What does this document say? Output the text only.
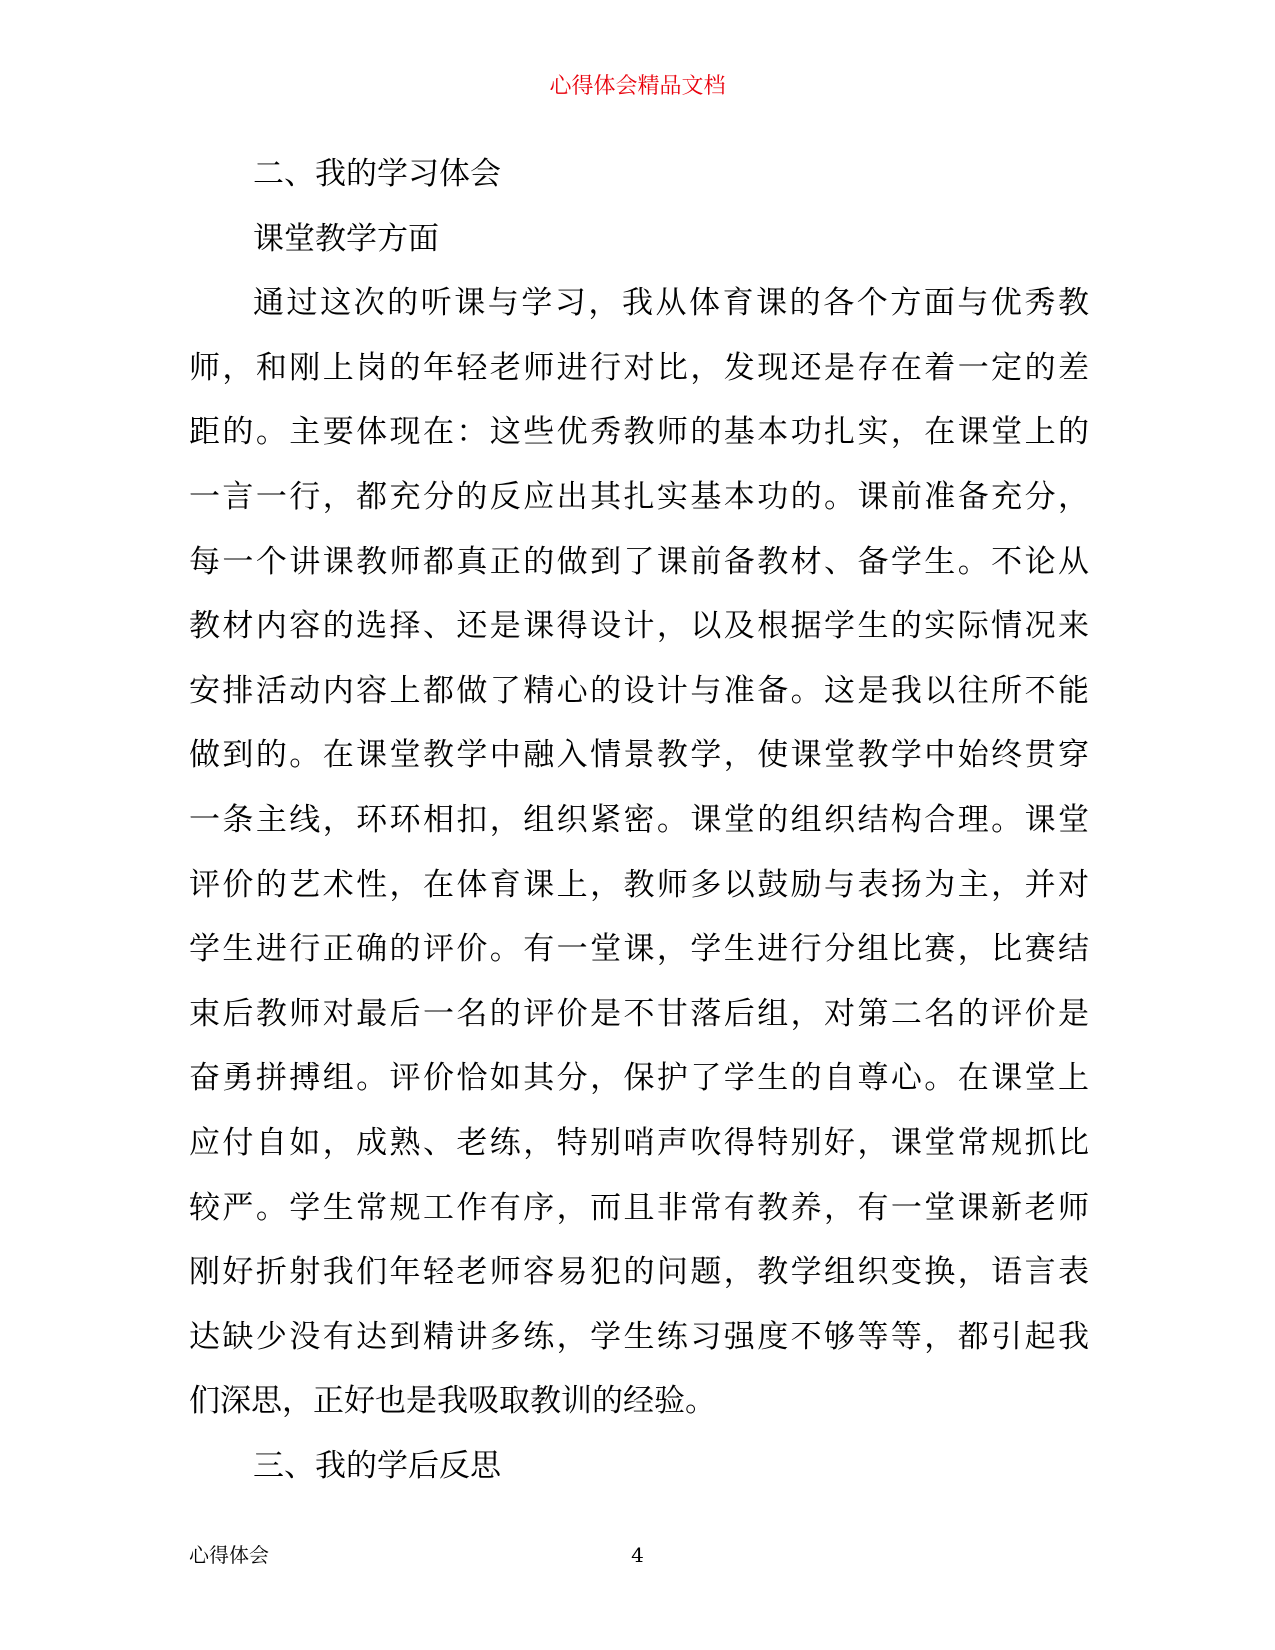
心得体会精品文档
二、我的学习体会
课堂教学方面
通过这次的听课与学习，我从体育课的各个方面与优秀教
师，和刚上岗的年轻老师进行对比，发现还是存在着一定的差
距的。主要体现在：这些优秀教师的基本功扎实，在课堂上的
一言一行，都充分的反应出其扎实基本功的。课前准备充分，
每一个讲课教师都真正的做到了课前备教材、备学生。不论从
教材内容的选择、还是课得设计，以及根据学生的实际情况来
安排活动内容上都做了精心的设计与准备。这是我以往所不能
做到的。在课堂教学中融入情景教学，使课堂教学中始终贯穿
一条主线，环环相扣，组织紧密。课堂的组织结构合理。课堂
评价的艺术性，在体育课上，教师多以鼓励与表扬为主，并对
学生进行正确的评价。有一堂课，学生进行分组比赛，比赛结
束后教师对最后一名的评价是不甘落后组，对第二名的评价是
奋勇拼搏组。评价恰如其分，保护了学生的自尊心。在课堂上
应付自如，成熟、老练，特别哨声吹得特别好，课堂常规抓比
较严。学生常规工作有序，而且非常有教养，有一堂课新老师
刚好折射我们年轻老师容易犯的问题，教学组织变换，语言表
达缺少没有达到精讲多练，学生练习强度不够等等，都引起我
们深思，正好也是我吸取教训的经验。
三、我的学后反思
心得体会	4
